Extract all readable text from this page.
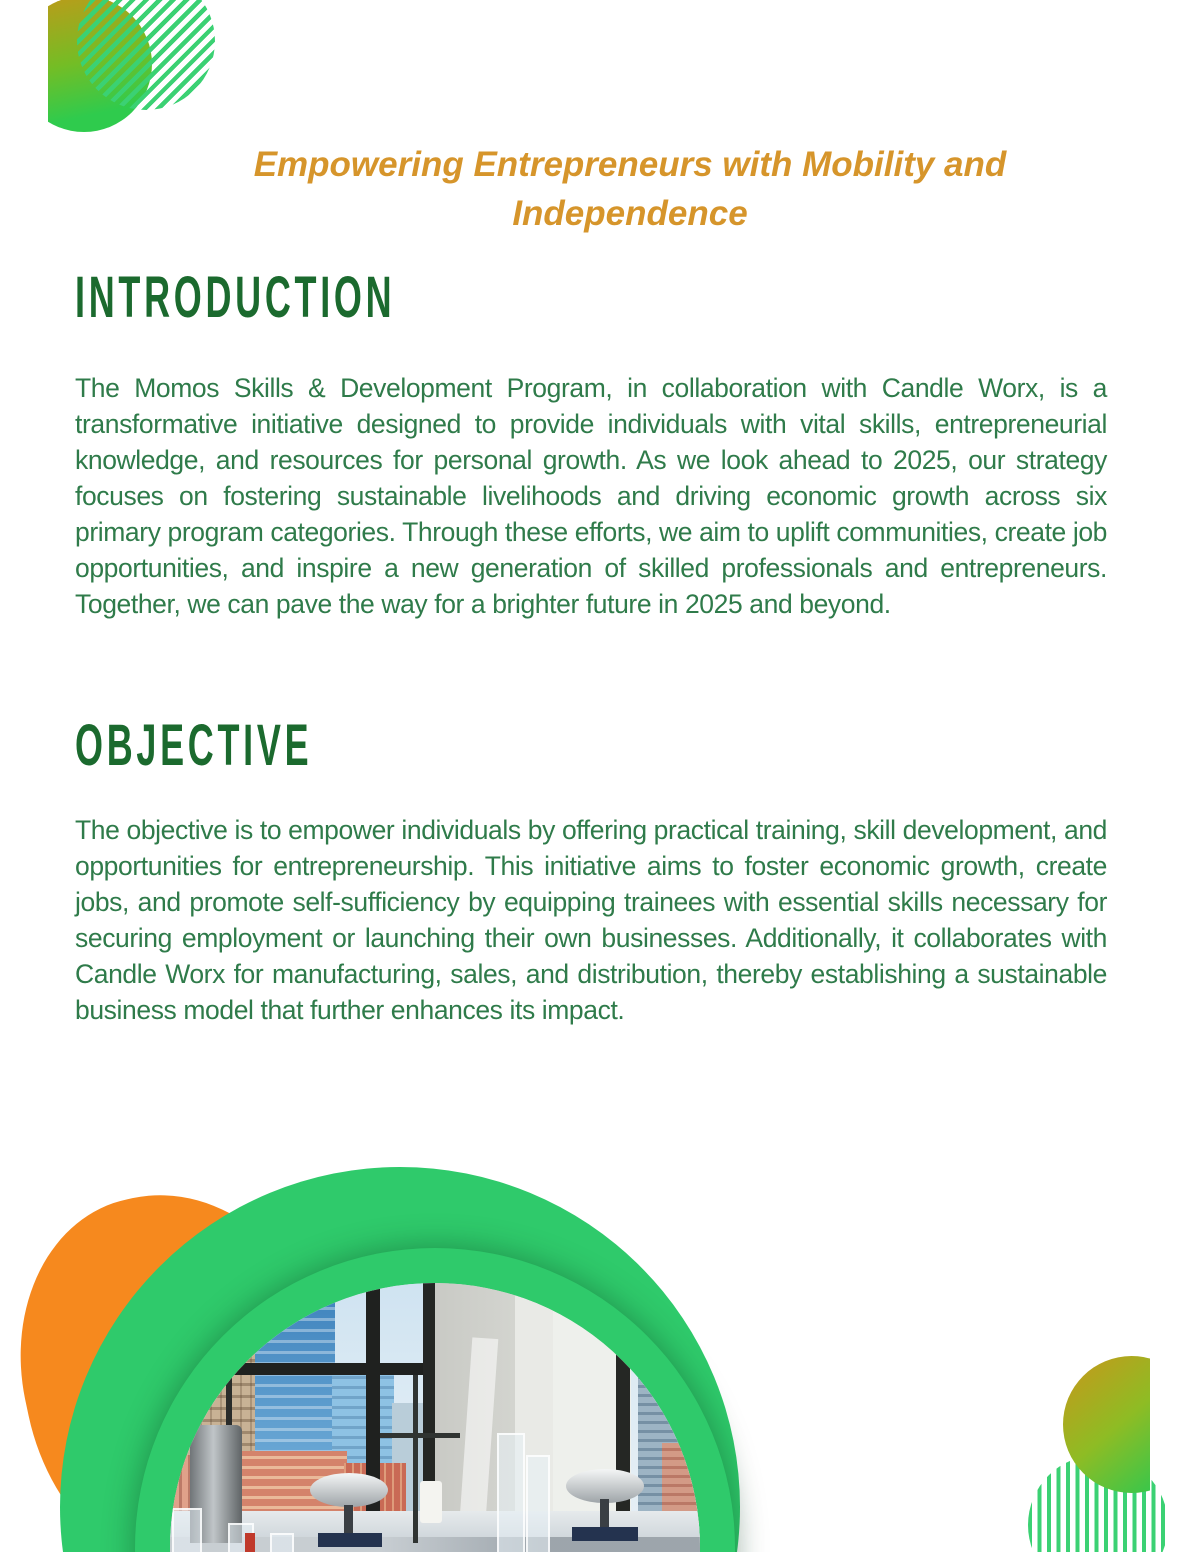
Empowering Entrepreneurs with Mobility and Independence
INTRODUCTION
The Momos Skills & Development Program, in collaboration with Candle Worx, is a transformative initiative designed to provide individuals with vital skills, entrepreneurial knowledge, and resources for personal growth. As we look ahead to 2025, our strategy focuses on fostering sustainable livelihoods and driving economic growth across six primary program categories. Through these efforts, we aim to uplift communities, create job opportunities, and inspire a new generation of skilled professionals and entrepreneurs. Together, we can pave the way for a brighter future in 2025 and beyond.
OBJECTIVE
The objective is to empower individuals by offering practical training, skill development, and opportunities for entrepreneurship. This initiative aims to foster economic growth, create jobs, and promote self-sufficiency by equipping trainees with essential skills necessary for securing employment or launching their own businesses. Additionally, it collaborates with Candle Worx for manufacturing, sales, and distribution, thereby establishing a sustainable business model that further enhances its impact.
